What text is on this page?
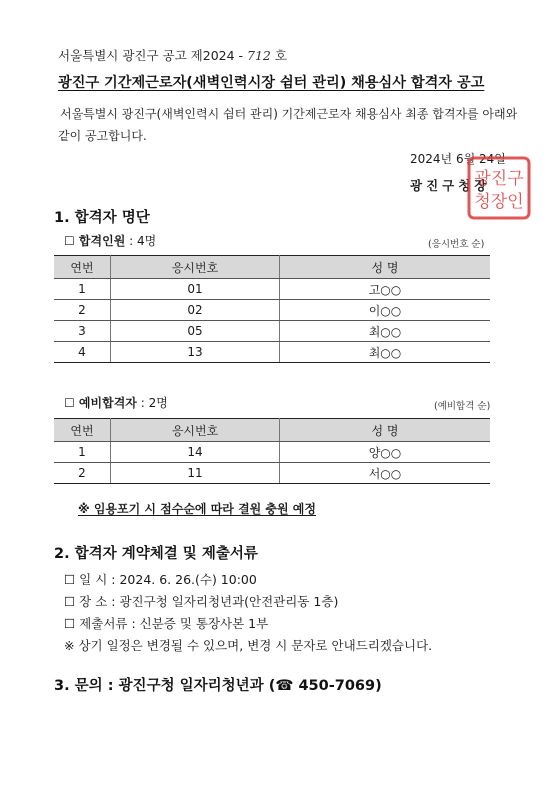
서울특별시 광진구 공고 제2024 - 712 호
광진구 기간제근로자(새벽인력시장 쉼터 관리) 채용심사 합격자 공고
서울특별시 광진구(새벽인력시 쉼터 관리) 기간제근로자 채용심사 최종 합격자를 아래와 같이 공고합니다.
2024년 6월 24일
광진구청장
광진구
청장인
1. 합격자 명단
☐ 합격인원 : 4명	(응시번호 순)
연번	응시번호	성 명
1	01	고○○
2	02	이○○
3	05	최○○
4	13	최○○
☐ 예비합격자 : 2명	(예비합격 순)
연번	응시번호	성 명
1	14	양○○
2	11	서○○
※ 임용포기 시 점수순에 따라 결원 충원 예정
2. 합격자 계약체결 및 제출서류
☐ 일 시 : 2024. 6. 26.(수) 10:00
☐ 장 소 : 광진구청 일자리청년과(안전관리동 1층)
☐ 제출서류 : 신분증 및 통장사본 1부
※ 상기 일정은 변경될 수 있으며, 변경 시 문자로 안내드리겠습니다.
3. 문의 : 광진구청 일자리청년과 (☎ 450-7069)
